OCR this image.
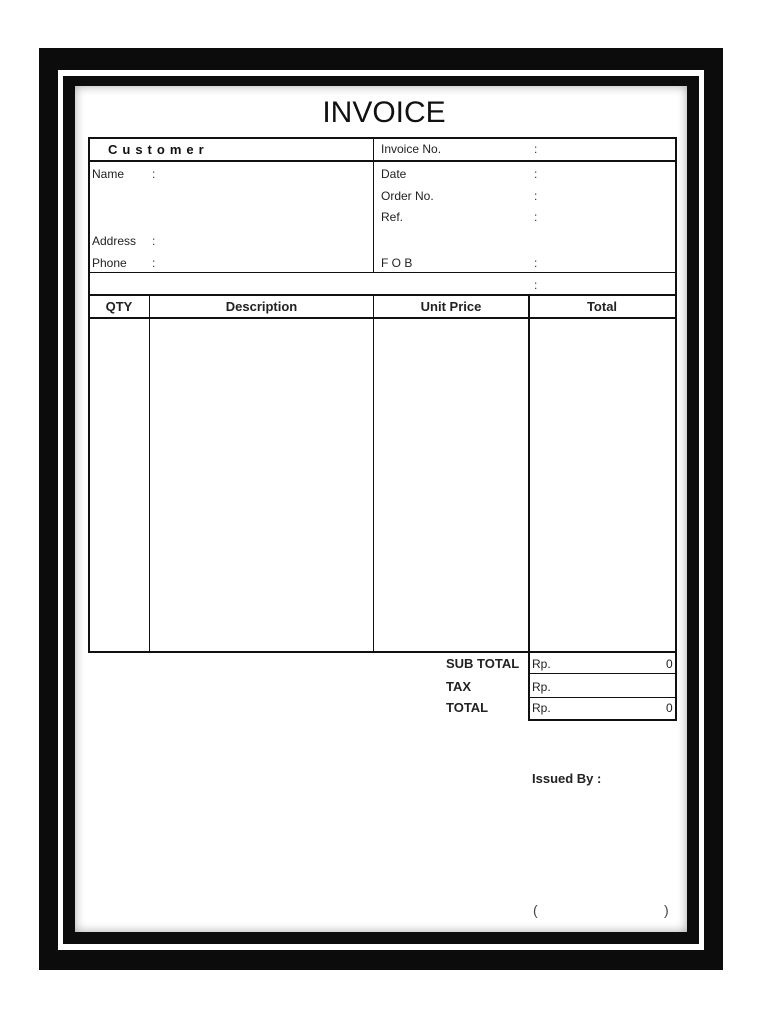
INVOICE
Customer
Name :
Address :
Phone :
Invoice No.	:
Date	:
Order No.	:
Ref.	:
F O B	:
:
QTY	Description	Unit Price	Total
SUB TOTAL Rp.	0
TAX	Rp.
TOTAL	Rp.	0
Issued By :
(	)
